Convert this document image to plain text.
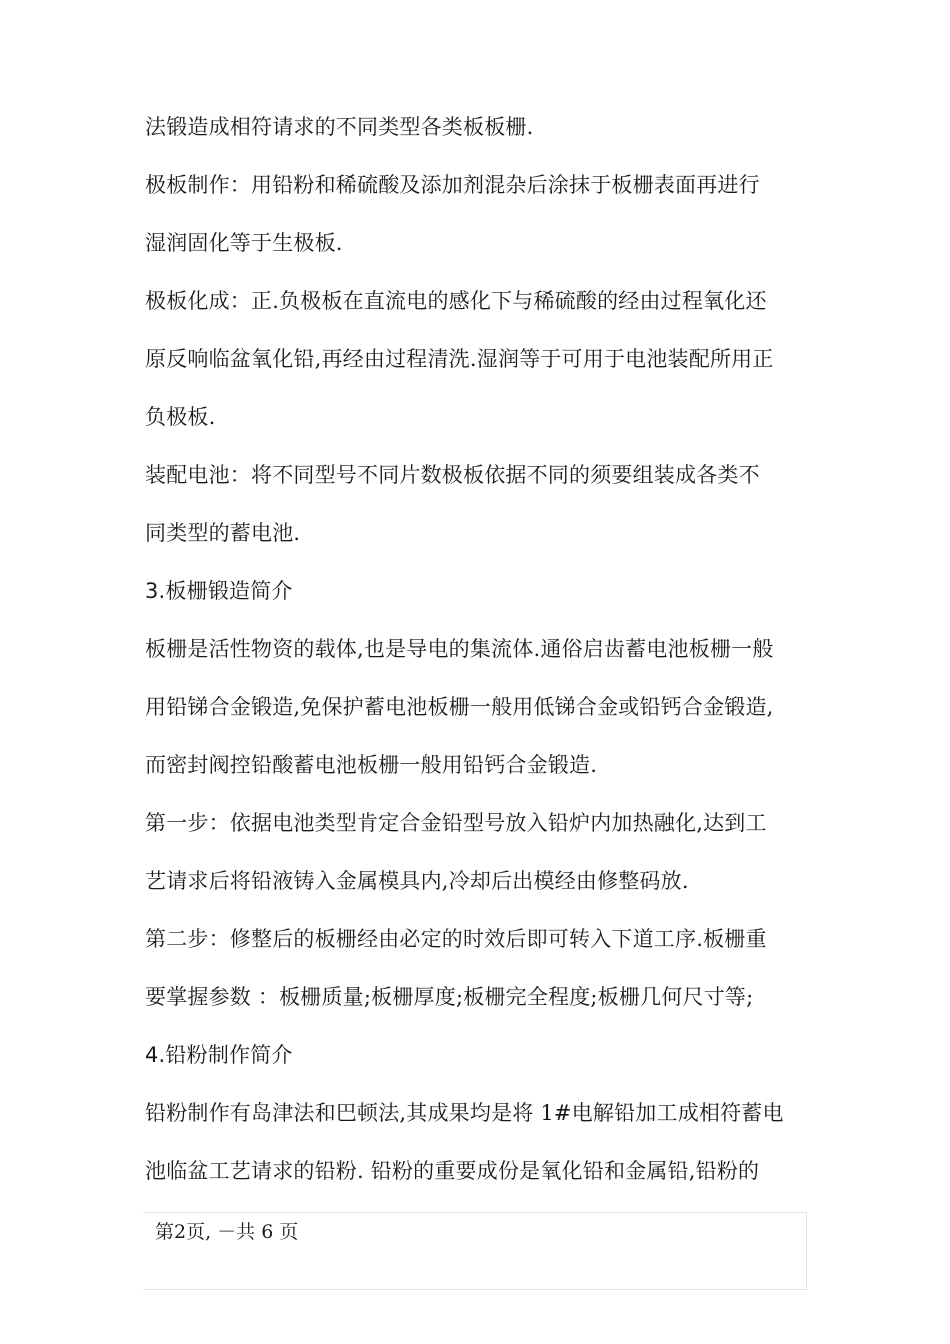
法锻造成相符请求的不同类型各类板板栅.
极板制作：用铅粉和稀硫酸及添加剂混杂后涂抹于板栅表面再进行
湿润固化等于生极板.
极板化成：正.负极板在直流电的感化下与稀硫酸的经由过程氧化还
原反响临盆氧化铅,再经由过程清洗.湿润等于可用于电池装配所用正
负极板.
装配电池：将不同型号不同片数极板依据不同的须要组装成各类不
同类型的蓄电池.
3.板栅锻造简介
板栅是活性物资的载体,也是导电的集流体.通俗启齿蓄电池板栅一般
用铅锑合金锻造,免保护蓄电池板栅一般用低锑合金或铅钙合金锻造,
而密封阀控铅酸蓄电池板栅一般用铅钙合金锻造.
第一步：依据电池类型肯定合金铅型号放入铅炉内加热融化,达到工
艺请求后将铅液铸入金属模具内,冷却后出模经由修整码放.
第二步：修整后的板栅经由必定的时效后即可转入下道工序.板栅重
要掌握参数 ：板栅质量;板栅厚度;板栅完全程度;板栅几何尺寸等;
4.铅粉制作简介
铅粉制作有岛津法和巴顿法,其成果均是将 1#电解铅加工成相符蓄电
池临盆工艺请求的铅粉. 铅粉的重要成份是氧化铅和金属铅,铅粉的
第2页, －共 6 页
